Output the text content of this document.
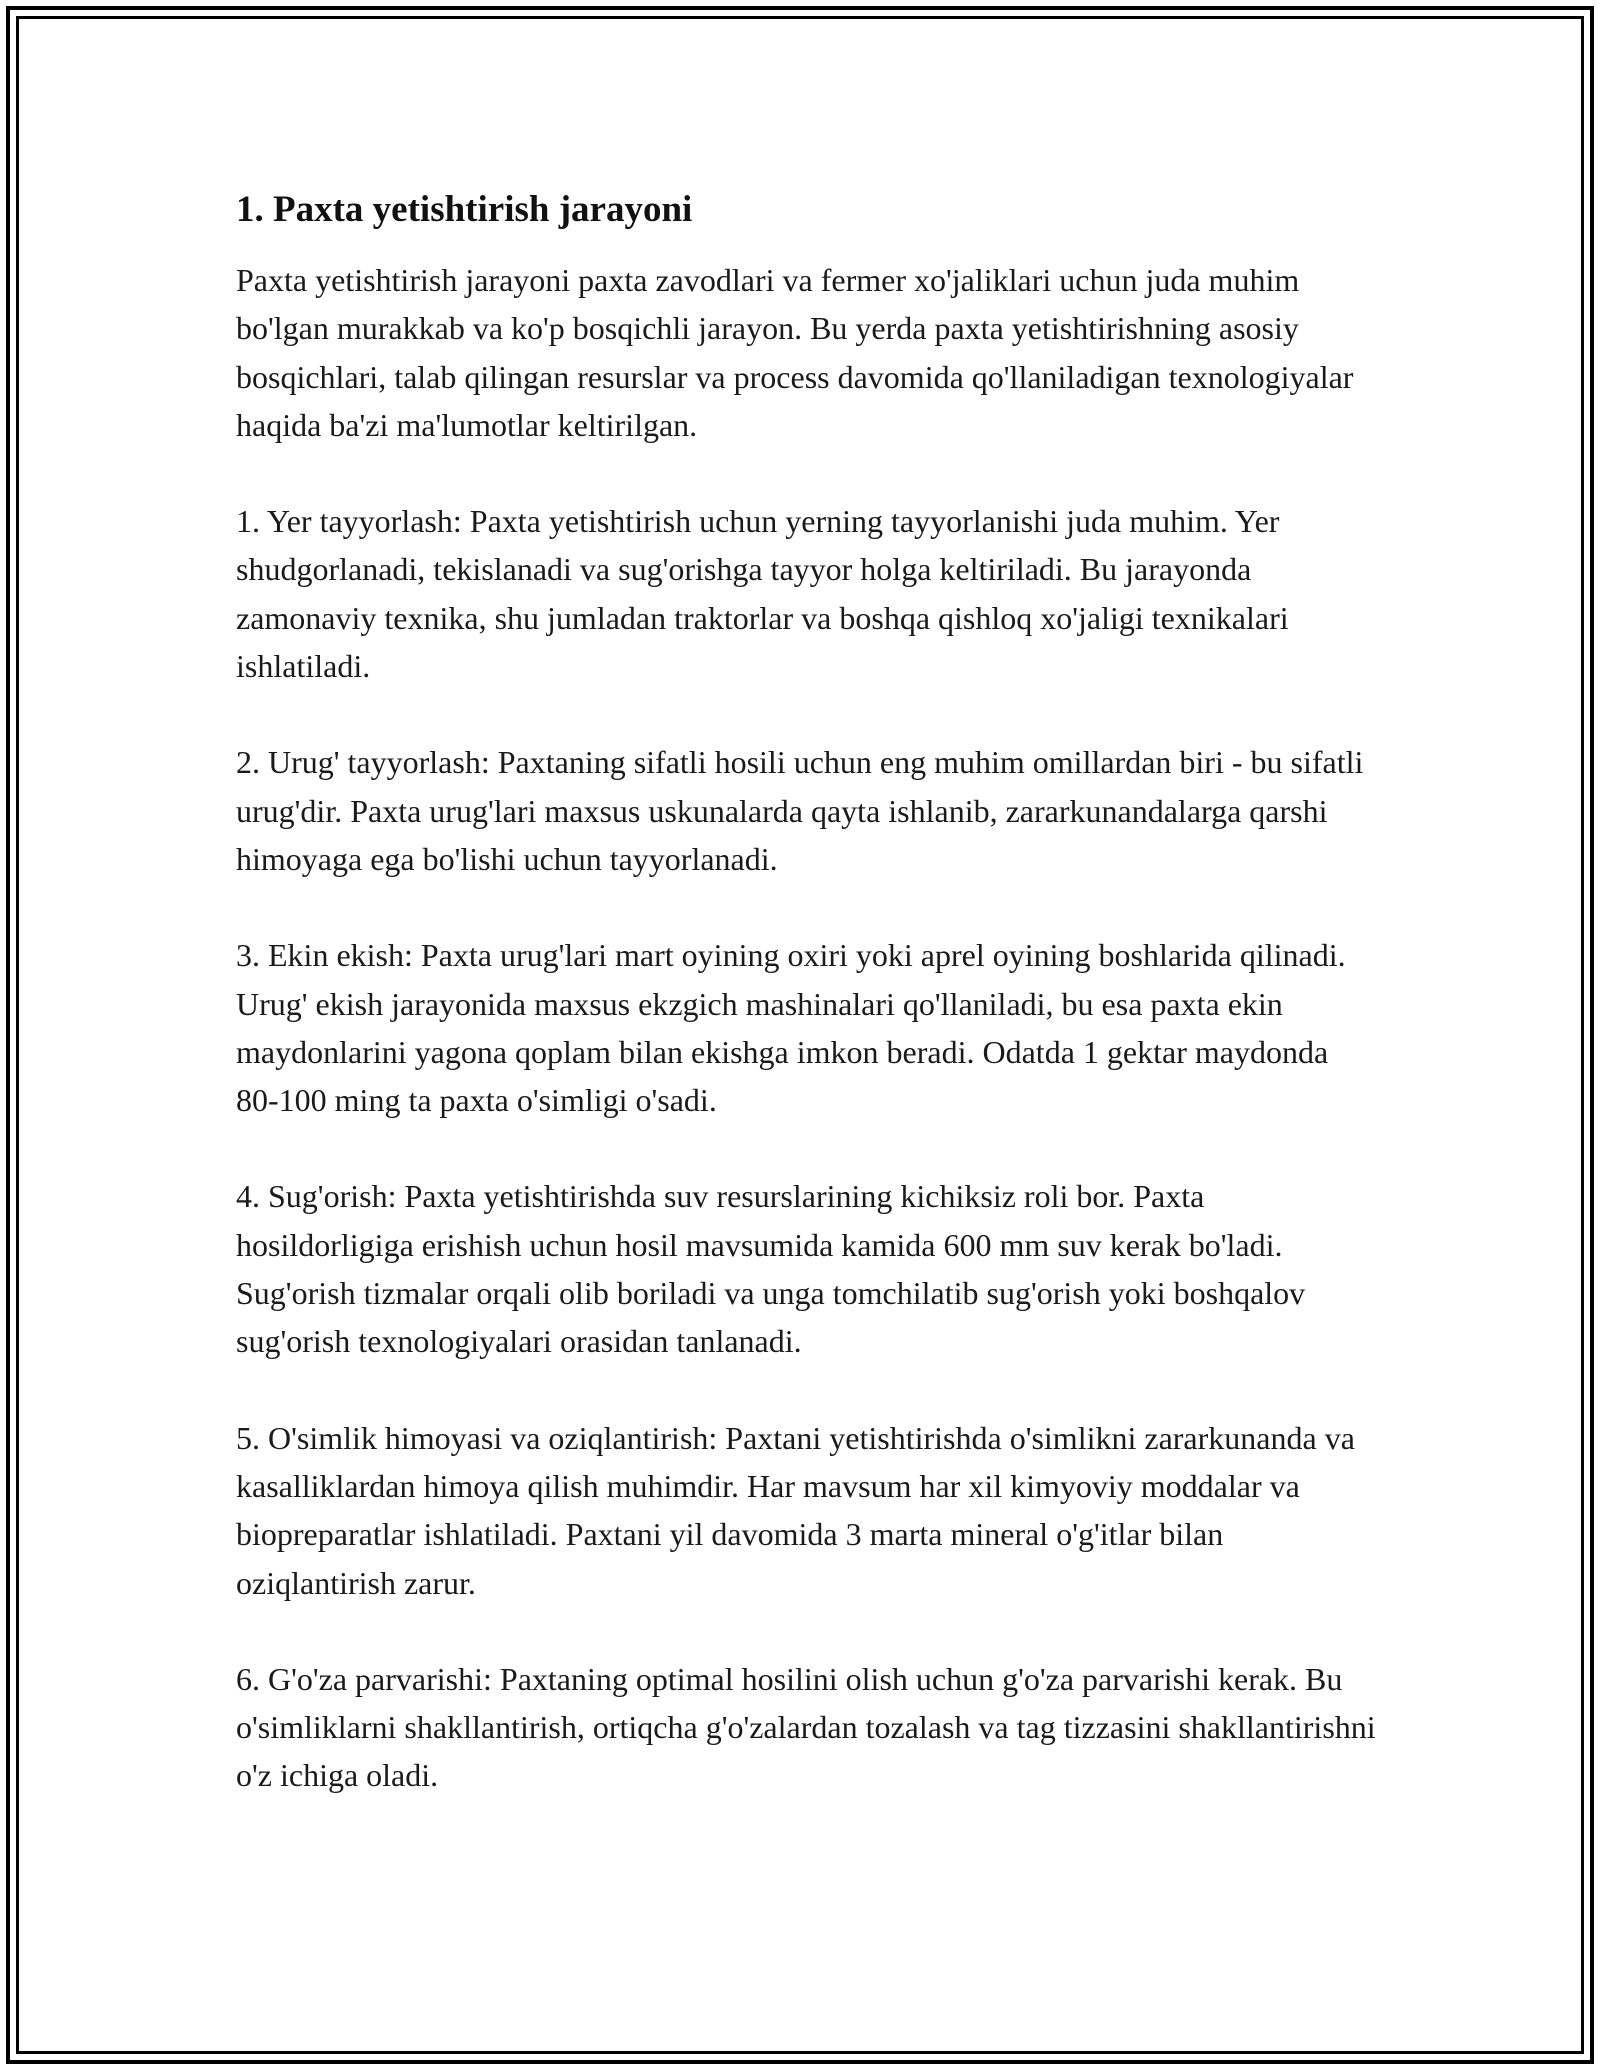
1. Paxta yetishtirish jarayoni

Paxta yetishtirish jarayoni paxta zavodlari va fermer xo'jaliklari uchun juda muhim bo'lgan murakkab va ko'p bosqichli jarayon. Bu yerda paxta yetishtirishning asosiy bosqichlari, talab qilingan resurslar va process davomida qo'llaniladigan texnologiyalar haqida ba'zi ma'lumotlar keltirilgan.

1. Yer tayyorlash: Paxta yetishtirish uchun yerning tayyorlanishi juda muhim. Yer shudgorlanadi, tekislanadi va sug'orishga tayyor holga keltiriladi. Bu jarayonda zamonaviy texnika, shu jumladan traktorlar va boshqa qishloq xo'jaligi texnikalari ishlatiladi.

2. Urug' tayyorlash: Paxtaning sifatli hosili uchun eng muhim omillardan biri - bu sifatli urug'dir. Paxta urug'lari maxsus uskunalarda qayta ishlanib, zararkunandalarga qarshi himoyaga ega bo'lishi uchun tayyorlanadi.

3. Ekin ekish: Paxta urug'lari mart oyining oxiri yoki aprel oyining boshlarida qilinadi. Urug' ekish jarayonida maxsus ekzgich mashinalari qo'llaniladi, bu esa paxta ekin maydonlarini yagona qoplam bilan ekishga imkon beradi. Odatda 1 gektar maydonda 80-100 ming ta paxta o'simligi o'sadi.

4. Sug'orish: Paxta yetishtirishda suv resurslarining kichiksiz roli bor. Paxta hosildorligiga erishish uchun hosil mavsumida kamida 600 mm suv kerak bo'ladi. Sug'orish tizmalar orqali olib boriladi va unga tomchilatib sug'orish yoki boshqalov sug'orish texnologiyalari orasidan tanlanadi.

5. O'simlik himoyasi va oziqlantirish: Paxtani yetishtirishda o'simlikni zararkunanda va kasalliklardan himoya qilish muhimdir. Har mavsum har xil kimyoviy moddalar va biopreparatlar ishlatiladi. Paxtani yil davomida 3 marta mineral o'g'itlar bilan oziqlantirish zarur.

6. G'o'za parvarishi: Paxtaning optimal hosilini olish uchun g'o'za parvarishi kerak. Bu o'simliklarni shakllantirish, ortiqcha g'o'zalardan tozalash va tag tizzasini shakllantirishni o'z ichiga oladi.
